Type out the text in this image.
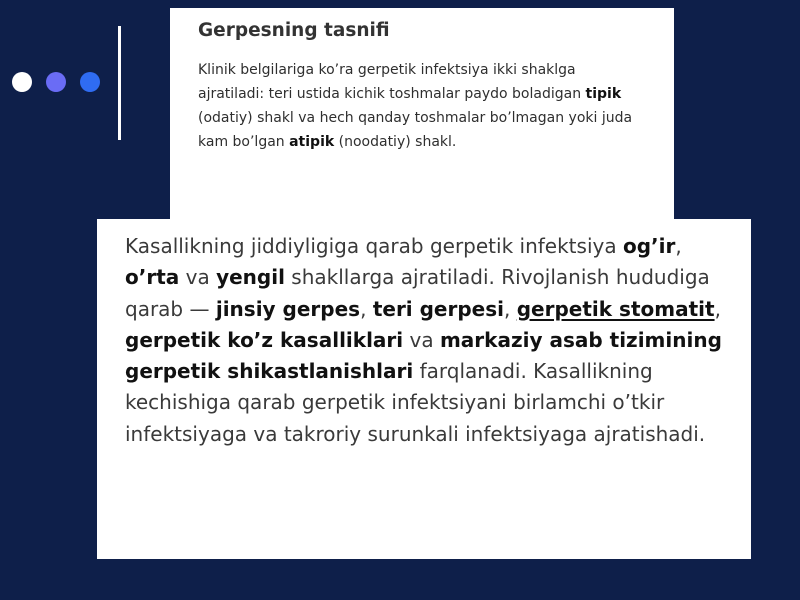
Gerpesning tasnifi

Klinik belgilariga ko’ra gerpetik infektsiya ikki shaklga ajratiladi: teri ustida kichik toshmalar paydo boladigan tipik (odatiy) shakl va hech qanday toshmalar bo’lmagan yoki juda kam bo’lgan atipik (noodatiy) shakl.

Kasallikning jiddiyligiga qarab gerpetik infektsiya og’ir, o’rta va yengil shakllarga ajratiladi. Rivojlanish hududiga qarab — jinsiy gerpes, teri gerpesi, gerpetik stomatit, gerpetik ko’z kasalliklari va markaziy asab tizimining gerpetik shikastlanishlari farqlanadi. Kasallikning kechishiga qarab gerpetik infektsiyani birlamchi o’tkir infektsiyaga va takroriy surunkali infektsiyaga ajratishadi.
